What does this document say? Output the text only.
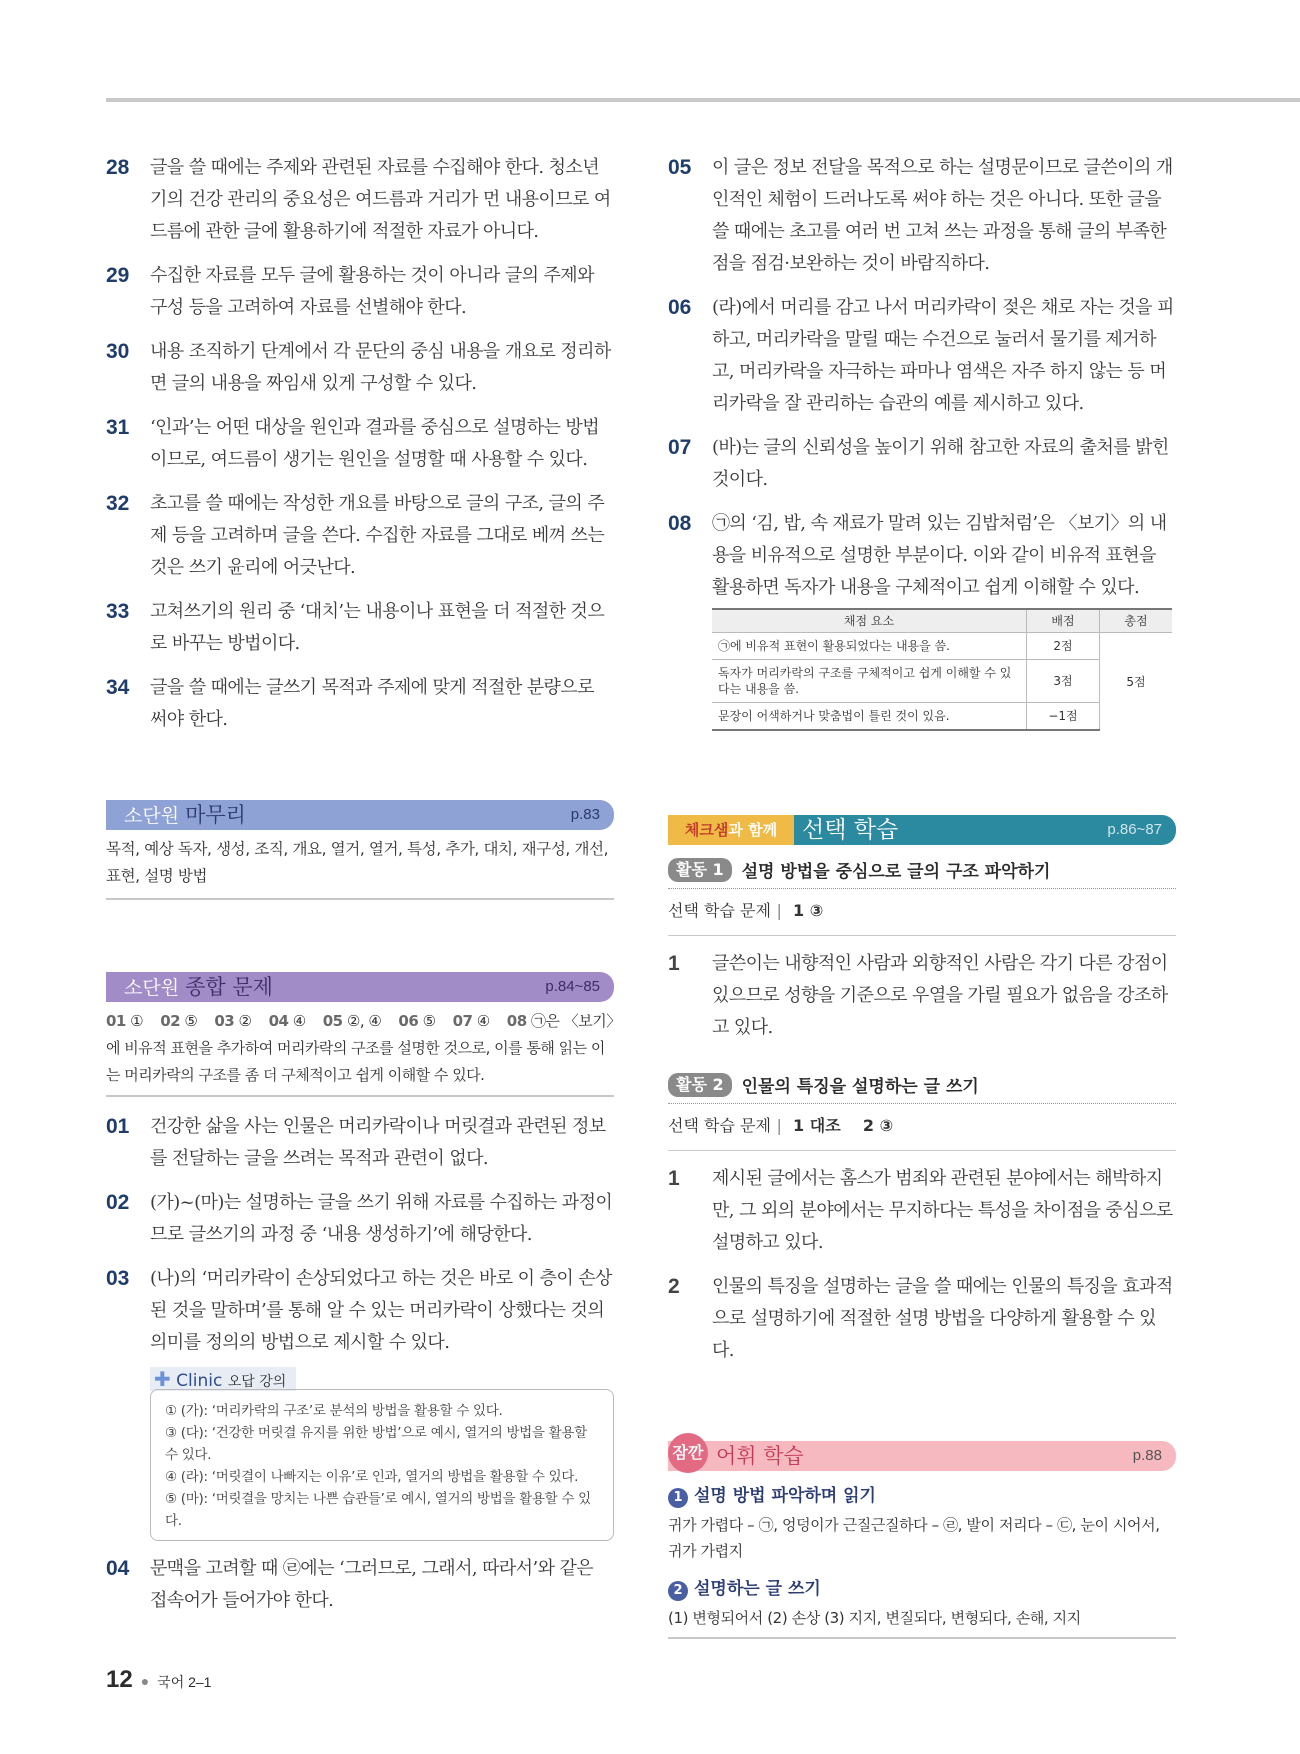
28 글을 쓸 때에는 주제와 관련된 자료를 수집해야 한다. 청소년기의 건강 관리의 중요성은 여드름과 거리가 먼 내용이므로 여드름에 관한 글에 활용하기에 적절한 자료가 아니다.
29 수집한 자료를 모두 글에 활용하는 것이 아니라 글의 주제와 구성 등을 고려하여 자료를 선별해야 한다.
30 내용 조직하기 단계에서 각 문단의 중심 내용을 개요로 정리하면 글의 내용을 짜임새 있게 구성할 수 있다.
31 ‘인과’는 어떤 대상을 원인과 결과를 중심으로 설명하는 방법이므로, 여드름이 생기는 원인을 설명할 때 사용할 수 있다.
32 초고를 쓸 때에는 작성한 개요를 바탕으로 글의 구조, 글의 주제 등을 고려하며 글을 쓴다. 수집한 자료를 그대로 베껴 쓰는 것은 쓰기 윤리에 어긋난다.
33 고쳐쓰기의 원리 중 ‘대치’는 내용이나 표현을 더 적절한 것으로 바꾸는 방법이다.
34 글을 쓸 때에는 글쓰기 목적과 주제에 맞게 적절한 분량으로 써야 한다.
소단원 마무리	p.83
목적, 예상 독자, 생성, 조직, 개요, 열거, 열거, 특성, 추가, 대치, 재구성, 개선, 표현, 설명 방법
소단원 종합 문제	p.84~85
01 ① 02 ⑤ 03 ② 04 ④ 05 ②, ④ 06 ⑤ 07 ④ 08 ㉠은 〈보기〉에 비유적 표현을 추가하여 머리카락의 구조를 설명한 것으로, 이를 통해 읽는 이는 머리카락의 구조를 좀 더 구체적이고 쉽게 이해할 수 있다.
01 건강한 삶을 사는 인물은 머리카락이나 머릿결과 관련된 정보를 전달하는 글을 쓰려는 목적과 관련이 없다.
02 (가)~(마)는 설명하는 글을 쓰기 위해 자료를 수집하는 과정이므로 글쓰기의 과정 중 ‘내용 생성하기’에 해당한다.
03 (나)의 ‘머리카락이 손상되었다고 하는 것은 바로 이 층이 손상된 것을 말하며’를 통해 알 수 있는 머리카락이 상했다는 것의 의미를 정의의 방법으로 제시할 수 있다.
✚ Clinic 오답 강의
① (가): ‘머리카락의 구조’로 분석의 방법을 활용할 수 있다.
③ (다): ‘건강한 머릿결 유지를 위한 방법’으로 예시, 열거의 방법을 활용할 수 있다.
④ (라): ‘머릿결이 나빠지는 이유’로 인과, 열거의 방법을 활용할 수 있다.
⑤ (마): ‘머릿결을 망치는 나쁜 습관들’로 예시, 열거의 방법을 활용할 수 있다.
04 문맥을 고려할 때 ㉣에는 ‘그러므로, 그래서, 따라서’와 같은 접속어가 들어가야 한다.
05 이 글은 정보 전달을 목적으로 하는 설명문이므로 글쓴이의 개인적인 체험이 드러나도록 써야 하는 것은 아니다. 또한 글을 쓸 때에는 초고를 여러 번 고쳐 쓰는 과정을 통해 글의 부족한 점을 점검·보완하는 것이 바람직하다.
06 (라)에서 머리를 감고 나서 머리카락이 젖은 채로 자는 것을 피하고, 머리카락을 말릴 때는 수건으로 눌러서 물기를 제거하고, 머리카락을 자극하는 파마나 염색은 자주 하지 않는 등 머리카락을 잘 관리하는 습관의 예를 제시하고 있다.
07 (바)는 글의 신뢰성을 높이기 위해 참고한 자료의 출처를 밝힌 것이다.
08 ㉠의 ‘김, 밥, 속 재료가 말려 있는 김밥처럼’은 〈보기〉의 내용을 비유적으로 설명한 부분이다. 이와 같이 비유적 표현을 활용하면 독자가 내용을 구체적이고 쉽게 이해할 수 있다.
채점 요소	배점	총점
㉠에 비유적 표현이 활용되었다는 내용을 씀.	2점	5점
독자가 머리카락의 구조를 구체적이고 쉽게 이해할 수 있다는 내용을 씀.	3점	
문장이 어색하거나 맞춤법이 틀린 것이 있음.	−1점	
체크샘과 함께	선택 학습	p.86~87
활동 1	설명 방법을 중심으로 글의 구조 파악하기
선택 학습 문제 | 1 ③
1 글쓴이는 내향적인 사람과 외향적인 사람은 각기 다른 강점이 있으므로 성향을 기준으로 우열을 가릴 필요가 없음을 강조하고 있다.
활동 2	인물의 특징을 설명하는 글 쓰기
선택 학습 문제 | 1 대조    2 ③
1 제시된 글에서는 홈스가 범죄와 관련된 분야에서는 해박하지만, 그 외의 분야에서는 무지하다는 특성을 차이점을 중심으로 설명하고 있다.
2 인물의 특징을 설명하는 글을 쓸 때에는 인물의 특징을 효과적으로 설명하기에 적절한 설명 방법을 다양하게 활용할 수 있다.
잠깐 어휘 학습	p.88
1 설명 방법 파악하며 읽기
귀가 가렵다 – ㉠, 엉덩이가 근질근질하다 – ㉣, 발이 저리다 – ㉢, 눈이 시어서, 귀가 가렵지
2 설명하는 글 쓰기
(1) 변형되어서 (2) 손상 (3) 지지, 변질되다, 변형되다, 손해, 지지
12 ● 국어 2–1
